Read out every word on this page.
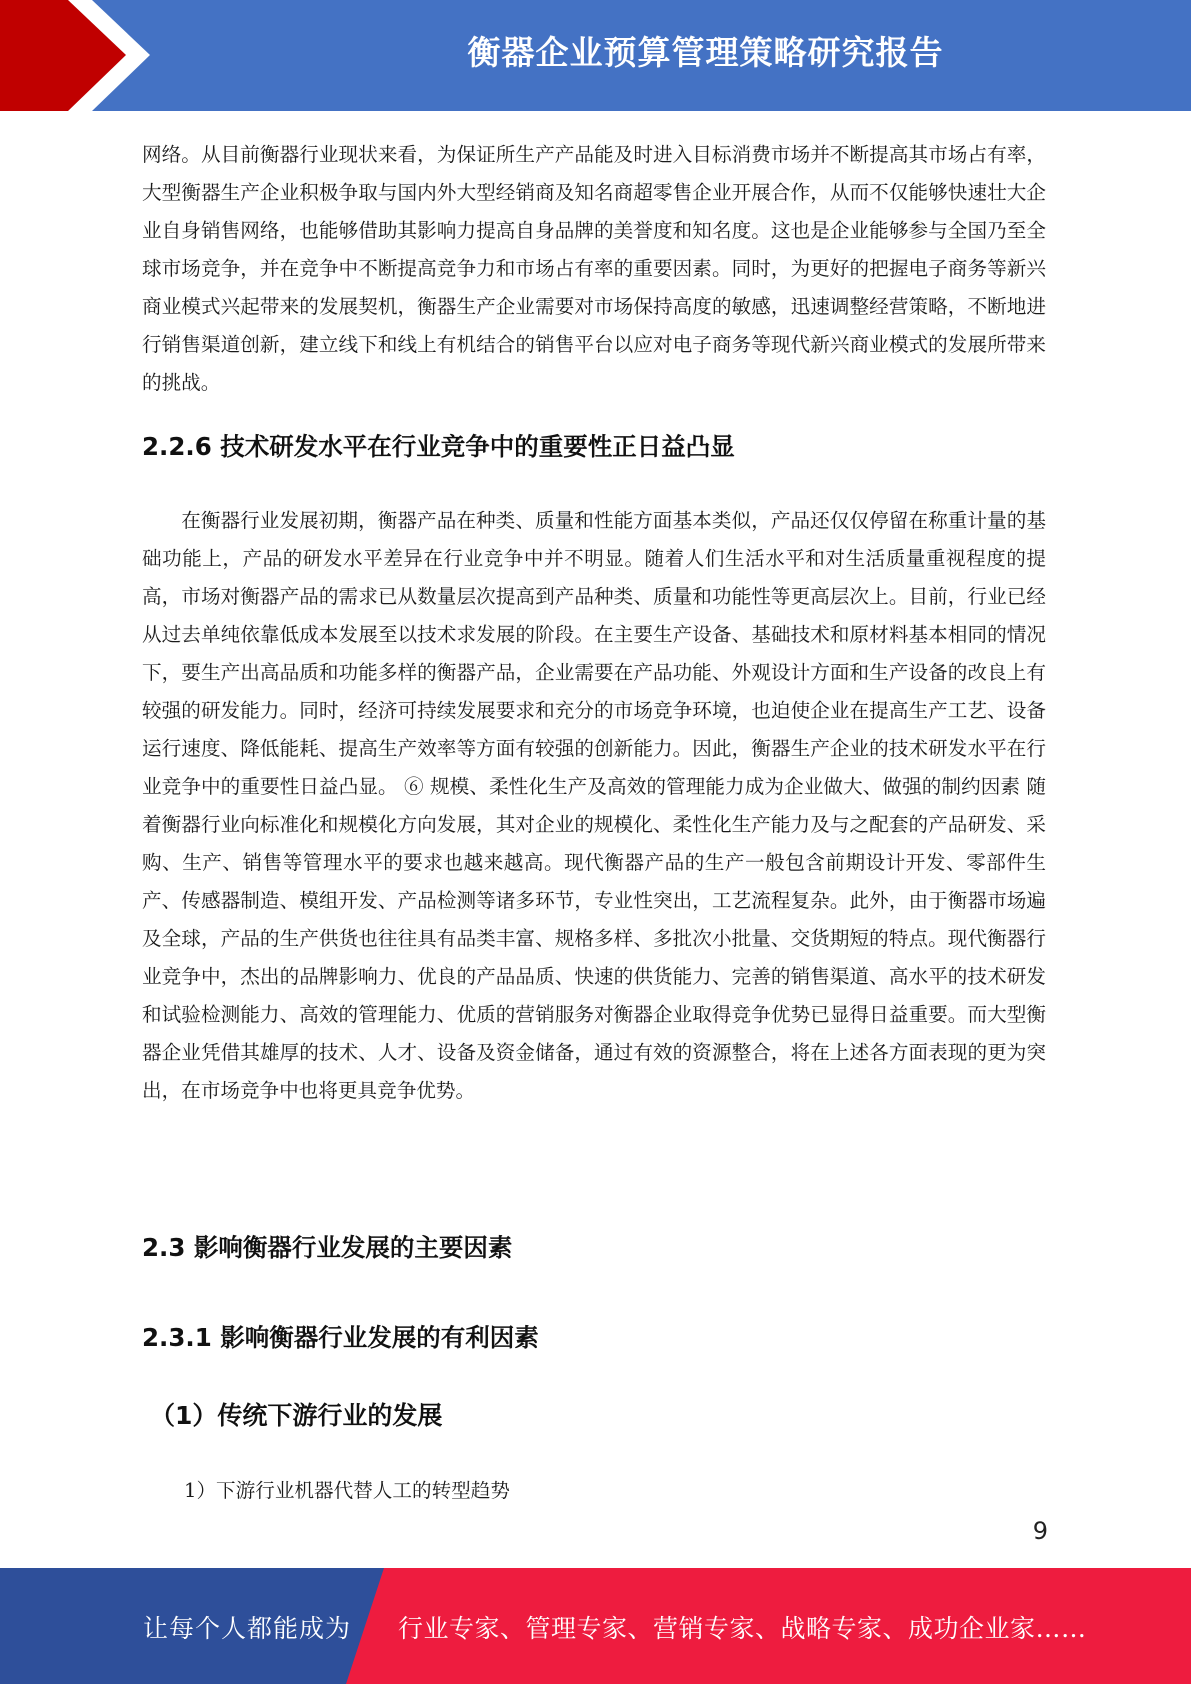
衡器企业预算管理策略研究报告

网络。从目前衡器行业现状来看，为保证所生产产品能及时进入目标消费市场并不断提高其市场占有率，大型衡器生产企业积极争取与国内外大型经销商及知名商超零售企业开展合作，从而不仅能够快速壮大企业自身销售网络，也能够借助其影响力提高自身品牌的美誉度和知名度。这也是企业能够参与全国乃至全球市场竞争，并在竞争中不断提高竞争力和市场占有率的重要因素。同时，为更好的把握电子商务等新兴商业模式兴起带来的发展契机，衡器生产企业需要对市场保持高度的敏感，迅速调整经营策略，不断地进行销售渠道创新，建立线下和线上有机结合的销售平台以应对电子商务等现代新兴商业模式的发展所带来的挑战。

2.2.6 技术研发水平在行业竞争中的重要性正日益凸显

在衡器行业发展初期，衡器产品在种类、质量和性能方面基本类似，产品还仅仅停留在称重计量的基础功能上，产品的研发水平差异在行业竞争中并不明显。随着人们生活水平和对生活质量重视程度的提高，市场对衡器产品的需求已从数量层次提高到产品种类、质量和功能性等更高层次上。目前，行业已经从过去单纯依靠低成本发展至以技术求发展的阶段。在主要生产设备、基础技术和原材料基本相同的情况下，要生产出高品质和功能多样的衡器产品，企业需要在产品功能、外观设计方面和生产设备的改良上有较强的研发能力。同时，经济可持续发展要求和充分的市场竞争环境，也迫使企业在提高生产工艺、设备运行速度、降低能耗、提高生产效率等方面有较强的创新能力。因此，衡器生产企业的技术研发水平在行业竞争中的重要性日益凸显。 ⑥ 规模、柔性化生产及高效的管理能力成为企业做大、做强的制约因素 随着衡器行业向标准化和规模化方向发展，其对企业的规模化、柔性化生产能力及与之配套的产品研发、采购、生产、销售等管理水平的要求也越来越高。现代衡器产品的生产一般包含前期设计开发、零部件生产、传感器制造、模组开发、产品检测等诸多环节，专业性突出，工艺流程复杂。此外，由于衡器市场遍及全球，产品的生产供货也往往具有品类丰富、规格多样、多批次小批量、交货期短的特点。现代衡器行业竞争中，杰出的品牌影响力、优良的产品品质、快速的供货能力、完善的销售渠道、高水平的技术研发和试验检测能力、高效的管理能力、优质的营销服务对衡器企业取得竞争优势已显得日益重要。而大型衡器企业凭借其雄厚的技术、人才、设备及资金储备，通过有效的资源整合，将在上述各方面表现的更为突出，在市场竞争中也将更具竞争优势。

2.3 影响衡器行业发展的主要因素
2.3.1 影响衡器行业发展的有利因素
（1）传统下游行业的发展

1）下游行业机器代替人工的转型趋势

9
让每个人都能成为 行业专家、管理专家、营销专家、战略专家、成功企业家……
